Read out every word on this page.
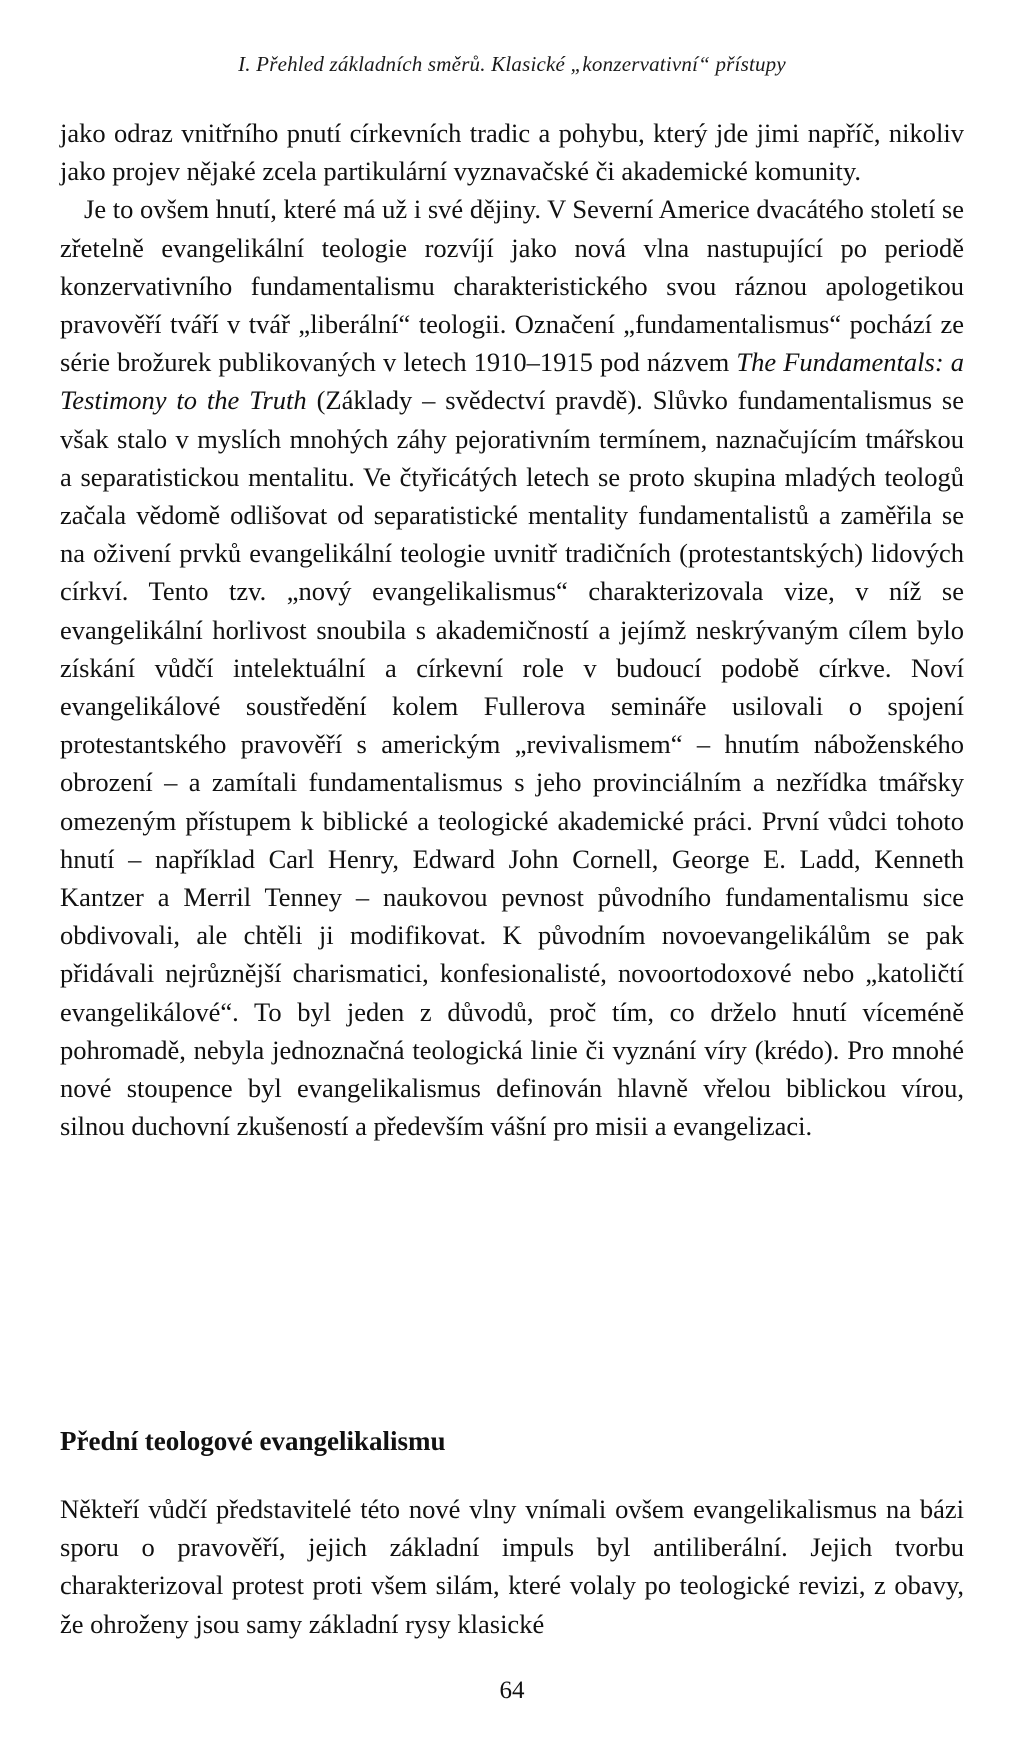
I. Přehled základních směrů. Klasické „konzervativní“ přístupy

jako odraz vnitřního pnutí církevních tradic a pohybu, který jde jimi napříč, nikoliv jako projev nějaké zcela partikulární vyznavačské či akademické komunity.

Je to ovšem hnutí, které má už i své dějiny. V Severní Americe dvacátého století se zřetelně evangelikální teologie rozvíjí jako nová vlna nastupující po periodě konzervativního fundamentalismu charakteristického svou ráznou apologetikou pravověří tváří v tvář „liberální“ teologii. Označení „fundamentalismus“ pochází ze série brožurek publikovaných v letech 1910–1915 pod názvem The Fundamentals: a Testimony to the Truth (Základy – svědectví pravdě). Slůvko fundamentalismus se však stalo v myslích mnohých záhy pejorativním termínem, naznačujícím tmářskou a separatistickou mentalitu. Ve čtyřicátých letech se proto skupina mladých teologů začala vědomě odlišovat od separatistické mentality fundamentalistů a zaměřila se na oživení prvků evangelikální teologie uvnitř tradičních (protestantských) lidových církví. Tento tzv. „nový evangelikalismus“ charakterizovala vize, v níž se evangelikální horlivost snoubila s akademičností a jejímž neskrývaným cílem bylo získání vůdčí intelektuální a církevní role v budoucí podobě církve. Noví evangelikálové soustředění kolem Fullerova semináře usilovali o spojení protestantského pravověří s americkým „revivalismem“ – hnutím náboženského obrození – a zamítali fundamentalismus s jeho provinciálním a nezřídka tmářsky omezeným přístupem k biblické a teologické akademické práci. První vůdci tohoto hnutí – například Carl Henry, Edward John Cornell, George E. Ladd, Kenneth Kantzer a Merril Tenney – naukovou pevnost původního fundamentalismu sice obdivovali, ale chtěli ji modifikovat. K původním novoevangelikálům se pak přidávali nejrůznější charismatici, konfesionalisté, novoortodoxové nebo „katoličtí evangelikálové“. To byl jeden z důvodů, proč tím, co drželo hnutí víceméně pohromadě, nebyla jednoznačná teologická linie či vyznání víry (krédo). Pro mnohé nové stoupence byl evangelikalismus definován hlavně vřelou biblickou vírou, silnou duchovní zkušeností a především vášní pro misii a evangelizaci.

Přední teologové evangelikalismu

Někteří vůdčí představitelé této nové vlny vnímali ovšem evangelikalismus na bázi sporu o pravověří, jejich základní impuls byl antiliberální. Jejich tvorbu charakterizoval protest proti všem silám, které volaly po teologické revizi, z obavy, že ohroženy jsou samy základní rysy klasické

64
